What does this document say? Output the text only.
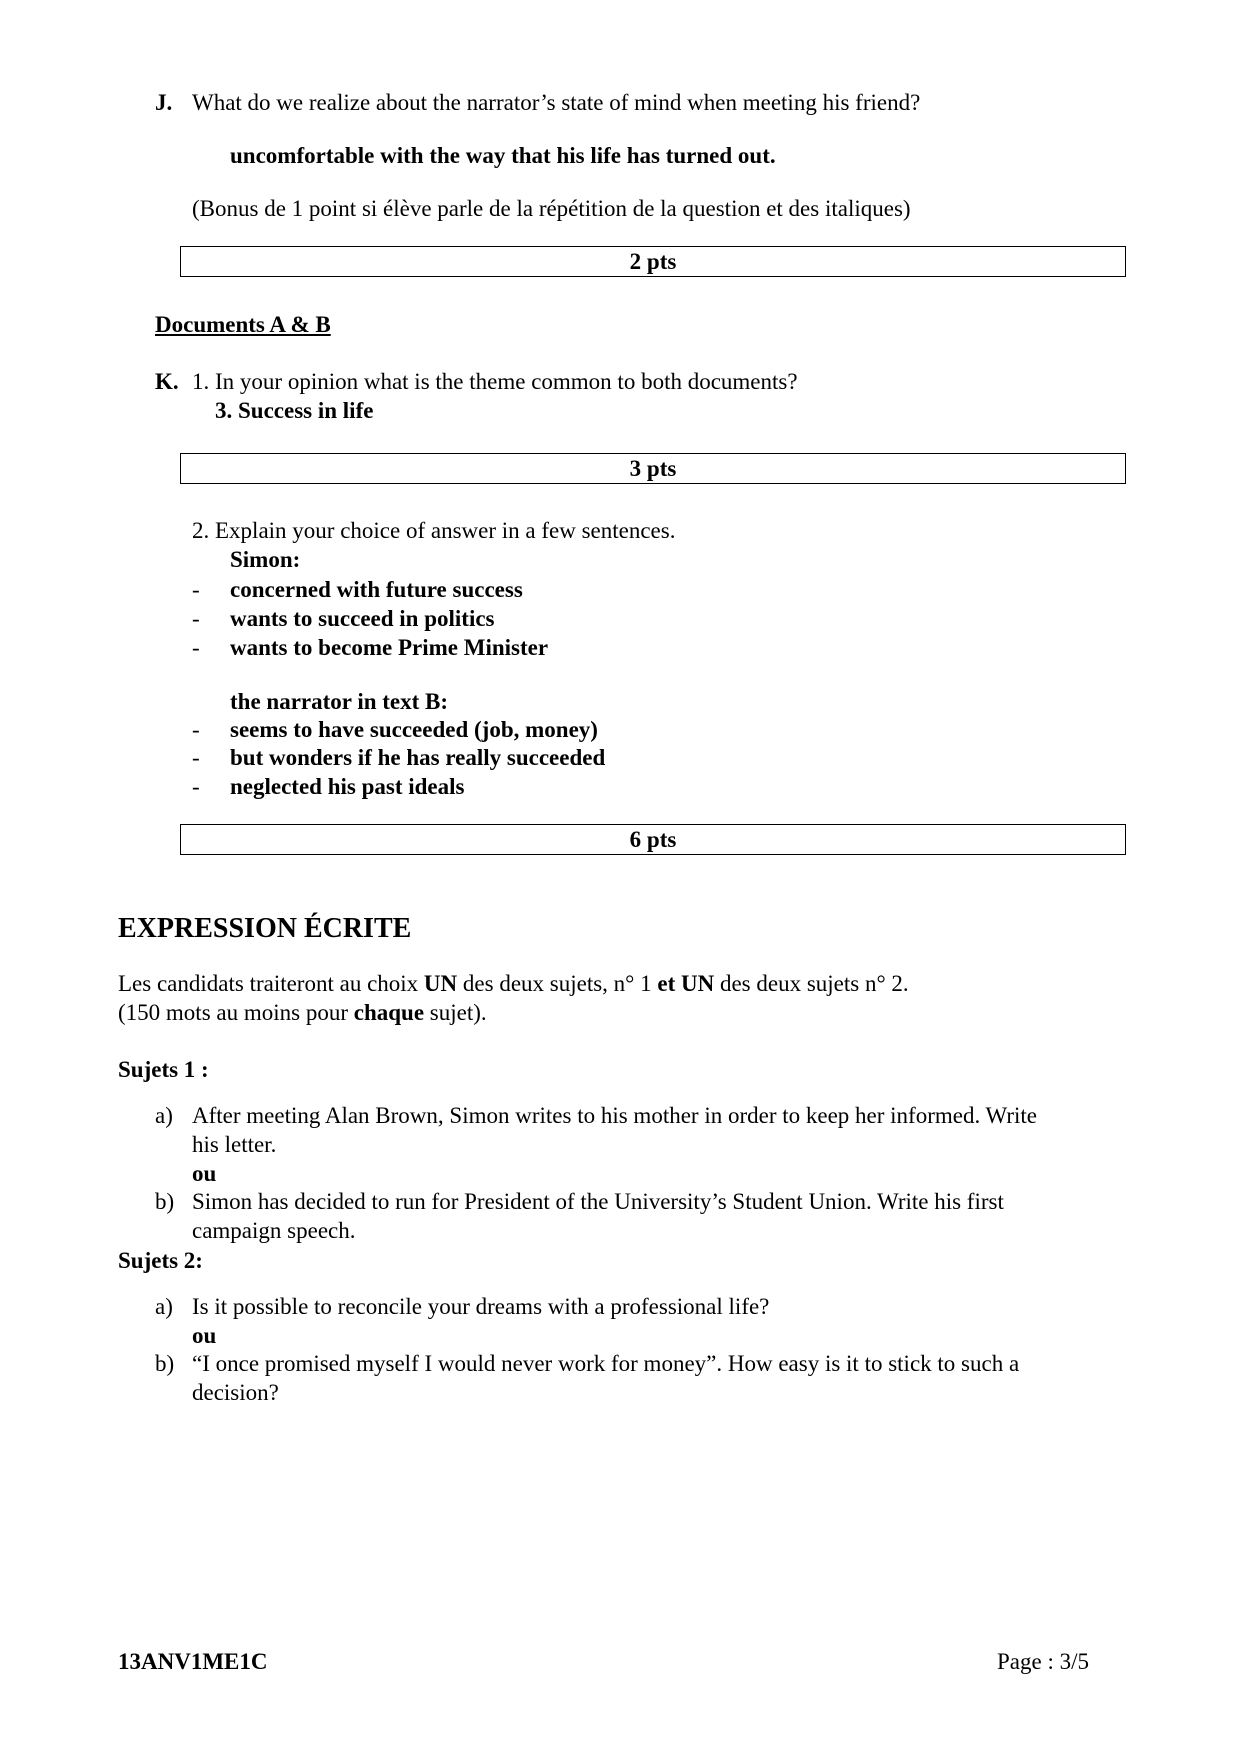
J. What do we realize about the narrator’s state of mind when meeting his friend?
uncomfortable with the way that his life has turned out.
(Bonus de 1 point si élève parle de la répétition de la question et des italiques)
2 pts
Documents A & B
K. 1. In your opinion what is the theme common to both documents?
3. Success in life
3 pts
2. Explain your choice of answer in a few sentences.
Simon:
- concerned with future success
- wants to succeed in politics
- wants to become Prime Minister
the narrator in text B:
- seems to have succeeded (job, money)
- but wonders if he has really succeeded
- neglected his past ideals
6 pts
EXPRESSION ÉCRITE
Les candidats traiteront au choix UN des deux sujets, n° 1 et UN des deux sujets n° 2.
(150 mots au moins pour chaque sujet).
Sujets 1 :
a) After meeting Alan Brown, Simon writes to his mother in order to keep her informed. Write
his letter.
ou
b) Simon has decided to run for President of the University’s Student Union. Write his first
campaign speech.
Sujets 2:
a) Is it possible to reconcile your dreams with a professional life?
ou
b) “I once promised myself I would never work for money”. How easy is it to stick to such a
decision?
13ANV1ME1C	Page : 3/5
